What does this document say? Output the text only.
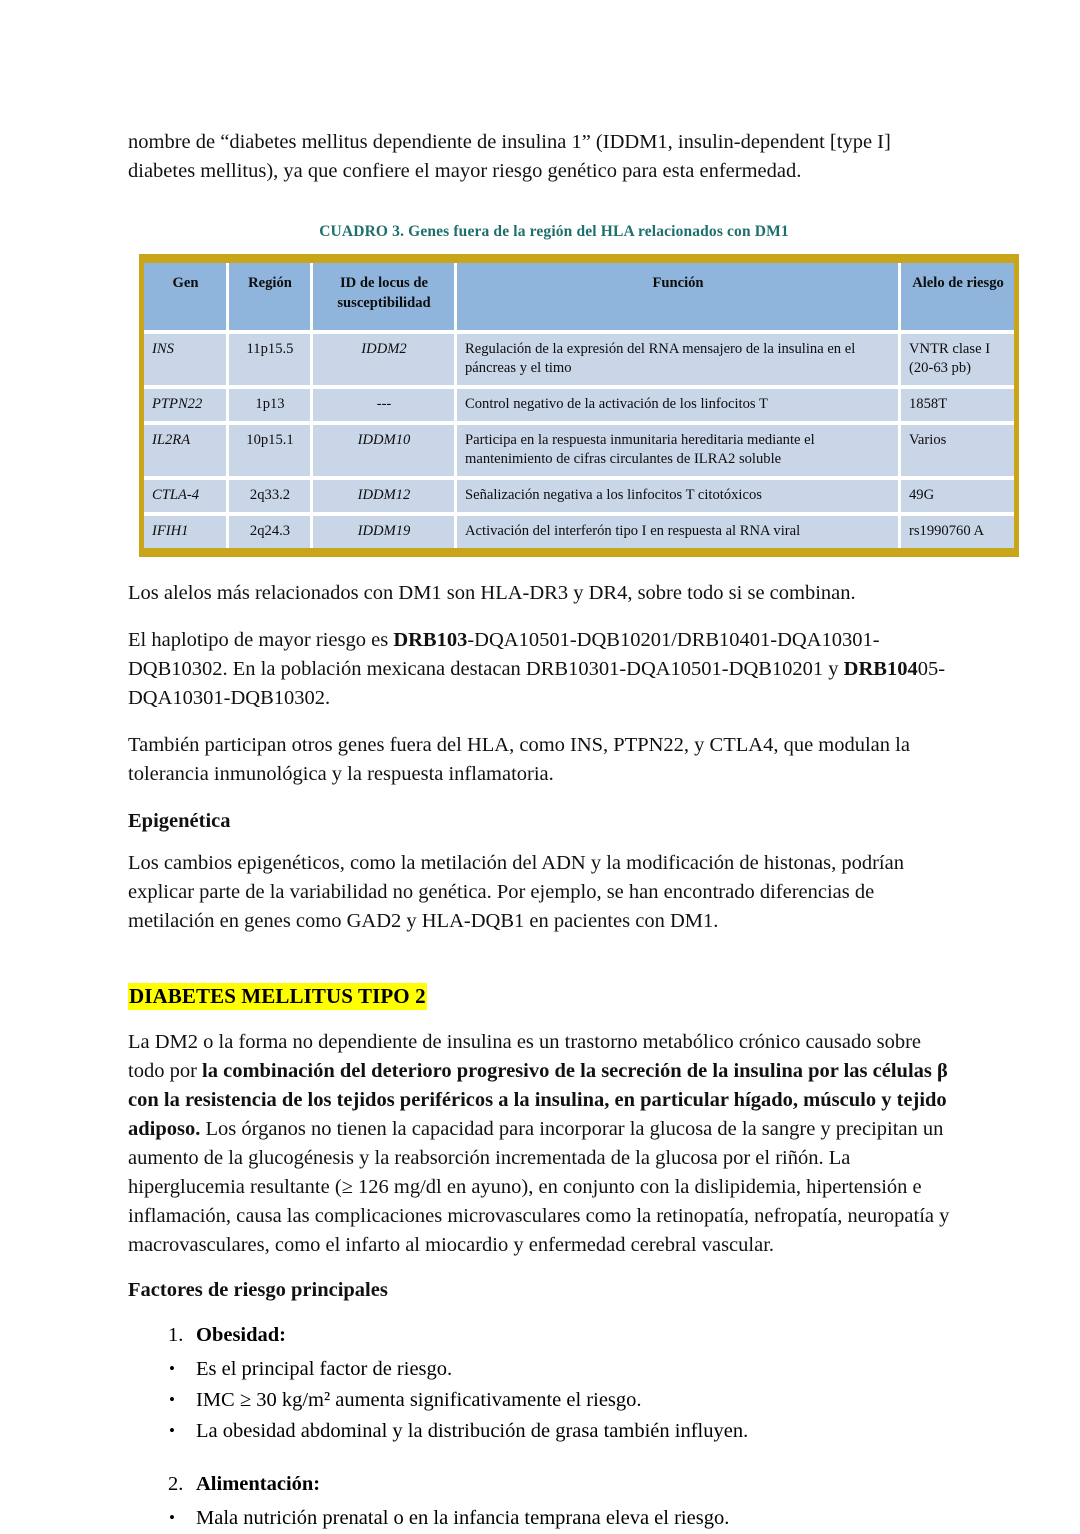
nombre de “diabetes mellitus dependiente de insulina 1” (IDDM1, insulin-dependent [type I] diabetes mellitus), ya que confiere el mayor riesgo genético para esta enfermedad.

CUADRO 3. Genes fuera de la región del HLA relacionados con DM1
Gen	Región	ID de locus de susceptibilidad	Función	Alelo de riesgo
INS	11p15.5	IDDM2	Regulación de la expresión del RNA mensajero de la insulina en el páncreas y el timo	VNTR clase I (20-63 pb)
PTPN22	1p13	---	Control negativo de la activación de los linfocitos T	1858T
IL2RA	10p15.1	IDDM10	Participa en la respuesta inmunitaria hereditaria mediante el mantenimiento de cifras circulantes de ILRA2 soluble	Varios
CTLA-4	2q33.2	IDDM12	Señalización negativa a los linfocitos T citotóxicos	49G
IFIH1	2q24.3	IDDM19	Activación del interferón tipo I en respuesta al RNA viral	rs1990760 A

Los alelos más relacionados con DM1 son HLA-DR3 y DR4, sobre todo si se combinan.

El haplotipo de mayor riesgo es DRB103-DQA10501-DQB10201/DRB10401-DQA10301-DQB10302. En la población mexicana destacan DRB10301-DQA10501-DQB10201 y DRB10405-DQA10301-DQB10302.

También participan otros genes fuera del HLA, como INS, PTPN22, y CTLA4, que modulan la tolerancia inmunológica y la respuesta inflamatoria.

Epigenética

Los cambios epigenéticos, como la metilación del ADN y la modificación de histonas, podrían explicar parte de la variabilidad no genética. Por ejemplo, se han encontrado diferencias de metilación en genes como GAD2 y HLA-DQB1 en pacientes con DM1.

DIABETES MELLITUS TIPO 2

La DM2 o la forma no dependiente de insulina es un trastorno metabólico crónico causado sobre todo por la combinación del deterioro progresivo de la secreción de la insulina por las células β con la resistencia de los tejidos periféricos a la insulina, en particular hígado, músculo y tejido adiposo. Los órganos no tienen la capacidad para incorporar la glucosa de la sangre y precipitan un aumento de la glucogénesis y la reabsorción incrementada de la glucosa por el riñón. La hiperglucemia resultante (≥ 126 mg/dl en ayuno), en conjunto con la dislipidemia, hipertensión e inflamación, causa las complicaciones microvasculares como la retinopatía, nefropatía, neuropatía y macrovasculares, como el infarto al miocardio y enfermedad cerebral vascular.

Factores de riesgo principales
1. Obesidad:
• Es el principal factor de riesgo.
• IMC ≥ 30 kg/m² aumenta significativamente el riesgo.
• La obesidad abdominal y la distribución de grasa también influyen.
2. Alimentación:
• Mala nutrición prenatal o en la infancia temprana eleva el riesgo.
